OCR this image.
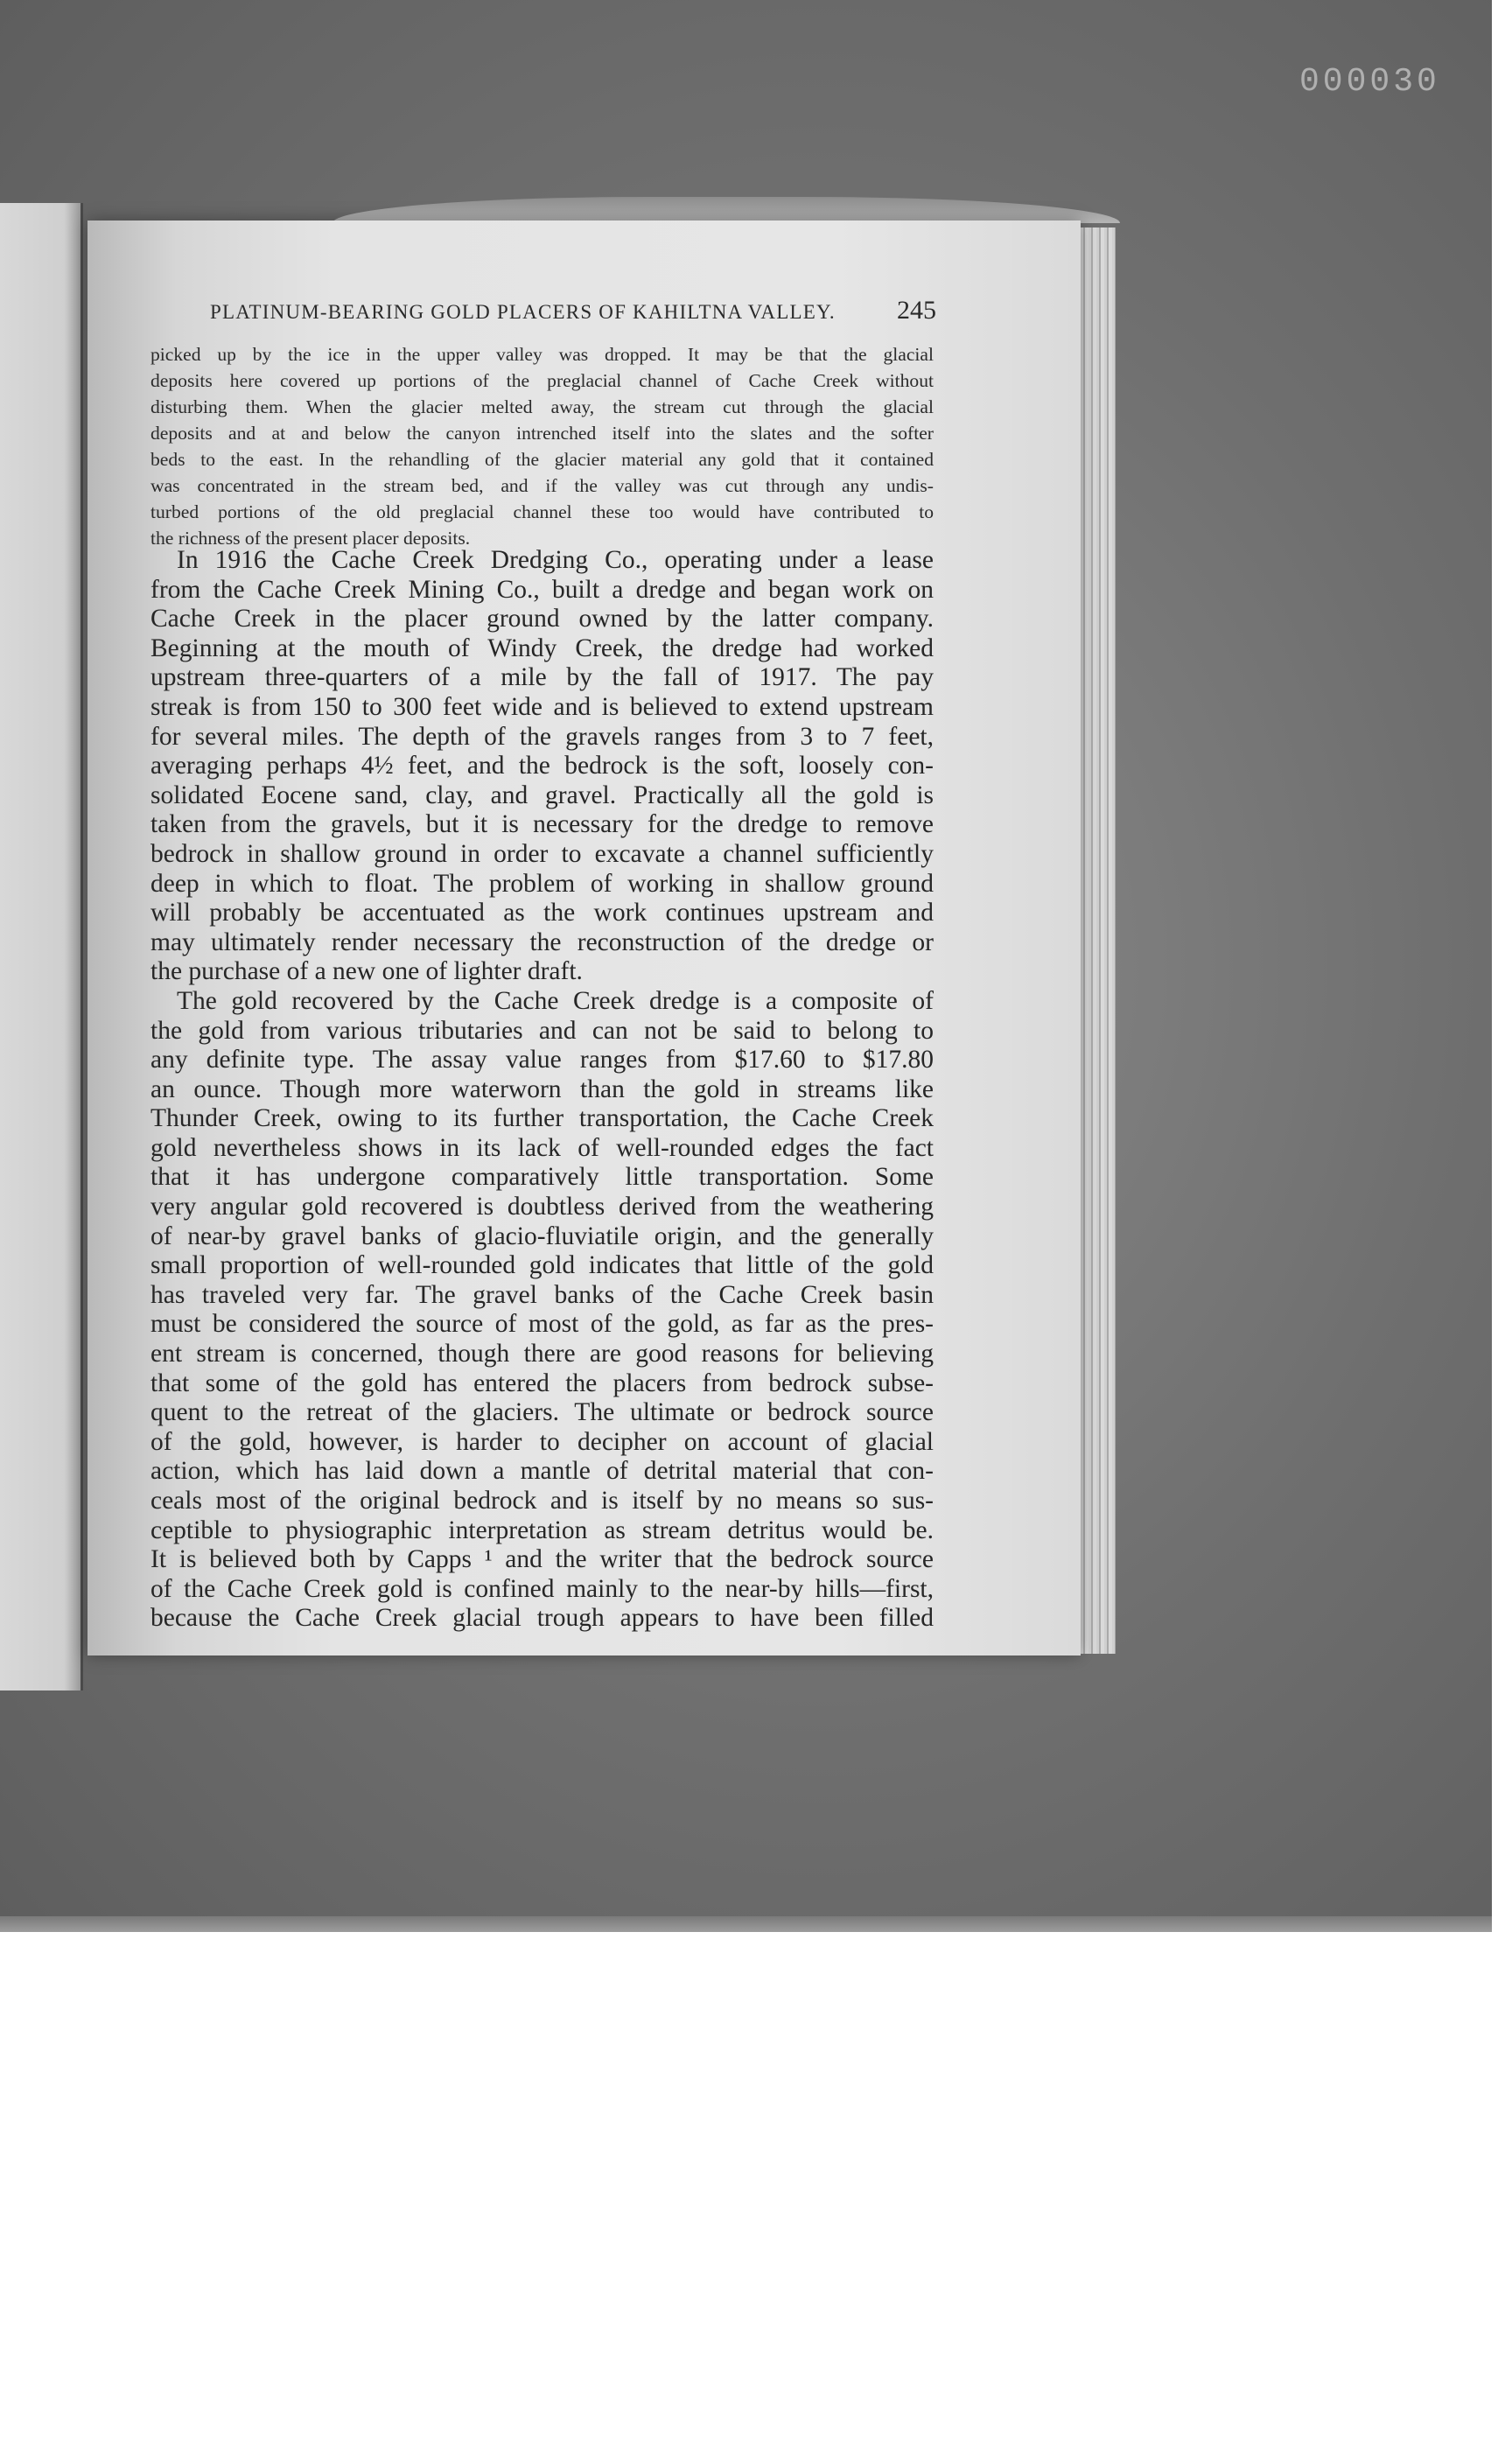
000030
PLATINUM-BEARING GOLD PLACERS OF KAHILTNA VALLEY. 245

picked up by the ice in the upper valley was dropped. It may be that the glacial

deposits here covered up portions of the preglacial channel of Cache Creek without

disturbing them. When the glacier melted away, the stream cut through the glacial

deposits and at and below the canyon intrenched itself into the slates and the softer

beds to the east. In the rehandling of the glacier material any gold that it contained

was concentrated in the stream bed, and if the valley was cut through any undis-

turbed portions of the old preglacial channel these too would have contributed to

the richness of the present placer deposits.

In 1916 the Cache Creek Dredging Co., operating under a lease

from the Cache Creek Mining Co., built a dredge and began work on

Cache Creek in the placer ground owned by the latter company.

Beginning at the mouth of Windy Creek, the dredge had worked

upstream three-quarters of a mile by the fall of 1917. The pay

streak is from 150 to 300 feet wide and is believed to extend upstream

for several miles. The depth of the gravels ranges from 3 to 7 feet,

averaging perhaps 4½ feet, and the bedrock is the soft, loosely con-

solidated Eocene sand, clay, and gravel. Practically all the gold is

taken from the gravels, but it is necessary for the dredge to remove

bedrock in shallow ground in order to excavate a channel sufficiently

deep in which to float. The problem of working in shallow ground

will probably be accentuated as the work continues upstream and

may ultimately render necessary the reconstruction of the dredge or

the purchase of a new one of lighter draft.

The gold recovered by the Cache Creek dredge is a composite of

the gold from various tributaries and can not be said to belong to

any definite type. The assay value ranges from $17.60 to $17.80

an ounce. Though more waterworn than the gold in streams like

Thunder Creek, owing to its further transportation, the Cache Creek

gold nevertheless shows in its lack of well-rounded edges the fact

that it has undergone comparatively little transportation. Some

very angular gold recovered is doubtless derived from the weathering

of near-by gravel banks of glacio-fluviatile origin, and the generally

small proportion of well-rounded gold indicates that little of the gold

has traveled very far. The gravel banks of the Cache Creek basin

must be considered the source of most of the gold, as far as the pres-

ent stream is concerned, though there are good reasons for believing

that some of the gold has entered the placers from bedrock subse-

quent to the retreat of the glaciers. The ultimate or bedrock source

of the gold, however, is harder to decipher on account of glacial

action, which has laid down a mantle of detrital material that con-

ceals most of the original bedrock and is itself by no means so sus-

ceptible to physiographic interpretation as stream detritus would be.

It is believed both by Capps ¹ and the writer that the bedrock source

of the Cache Creek gold is confined mainly to the near-by hills—first,

because the Cache Creek glacial trough appears to have been filled
